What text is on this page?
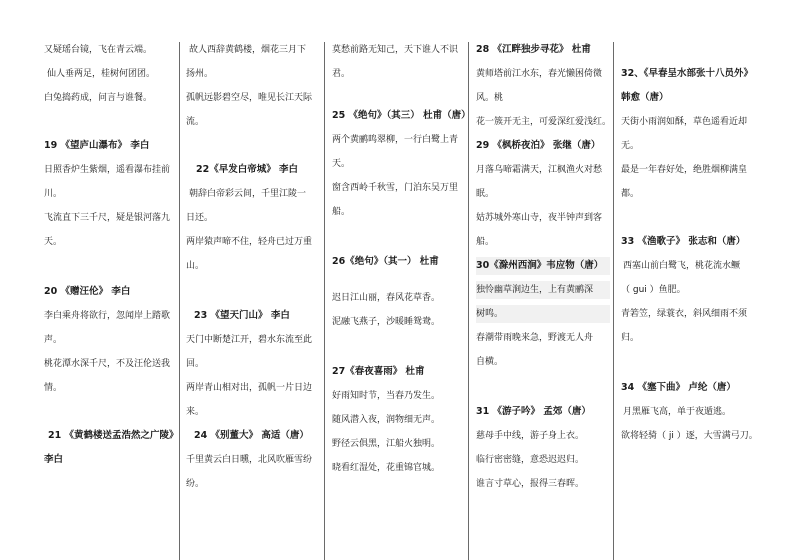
又疑瑶台镜，飞在青云端。
仙人垂两足，桂树何团团。
白兔捣药成，问言与谁餐。
19 《望庐山瀑布》 李白
日照香炉生紫烟，遥看瀑布挂前
川。
飞流直下三千尺，疑是银河落九
天。
20 《赠汪伦》 李白
李白乘舟将欲行，忽闻岸上踏歌
声。
桃花潭水深千尺，不及汪伦送我
情。
21 《黄鹤楼送孟浩然之广陵》
李白
故人西辞黄鹤楼，烟花三月下
扬州。
孤帆远影碧空尽，唯见长江天际
流。
22《早发白帝城》 李白
朝辞白帝彩云间，千里江陵一
日还。
两岸猿声啼不住，轻舟已过万重
山。
23 《望天门山》 李白
天门中断楚江开，碧水东流至此
回。
两岸青山相对出，孤帆一片日边
来。
24 《别董大》 高适（唐）
千里黄云白日曛，北风吹雁雪纷
纷。
莫愁前路无知己，天下谁人不识
君。
25 《绝句》（其三） 杜甫（唐）
两个黄鹂鸣翠柳，一行白鹭上青
天。
窗含西岭千秋雪，门泊东吴万里
船。
26《绝句》（其一） 杜甫
迟日江山丽，春风花草香。
泥融飞燕子，沙暖睡鸳鸯。
27《春夜喜雨》 杜甫
好雨知时节，当春乃发生。
随风潜入夜，润物细无声。
野径云俱黑，江船火独明。
晓看红湿处，花重锦官城。
28 《江畔独步寻花》 杜甫
黄师塔前江水东，春光懒困倚微
风。桃
花一簇开无主，可爱深红爱浅红。
29 《枫桥夜泊》 张继（唐）
月落乌啼霜满天，江枫渔火对愁
眠。
姑苏城外寒山寺，夜半钟声到客
船。
30《滁州西涧》韦应物（唐）
独怜幽草涧边生，上有黄鹂深
树鸣。
春潮带雨晚来急，野渡无人舟
自横。
31 《游子吟》 孟郊（唐）
慈母手中线，游子身上衣。
临行密密缝，意恐迟迟归。
谁言寸草心，报得三春晖。
32、《早春呈水部张十八员外》
韩愈（唐）
天街小雨润如酥，草色遥看近却
无。
最是一年春好处，绝胜烟柳满皇
都。
33 《渔歌子》 张志和（唐）
西塞山前白鹭飞，桃花流水鳜
（ gui ）鱼肥。
青箬笠，绿蓑衣，斜风细雨不须
归。
34 《塞下曲》 卢纶（唐）
月黑雁飞高，单于夜遁逃。
欲将轻骑（ ji ）逐，大雪满弓刀。
